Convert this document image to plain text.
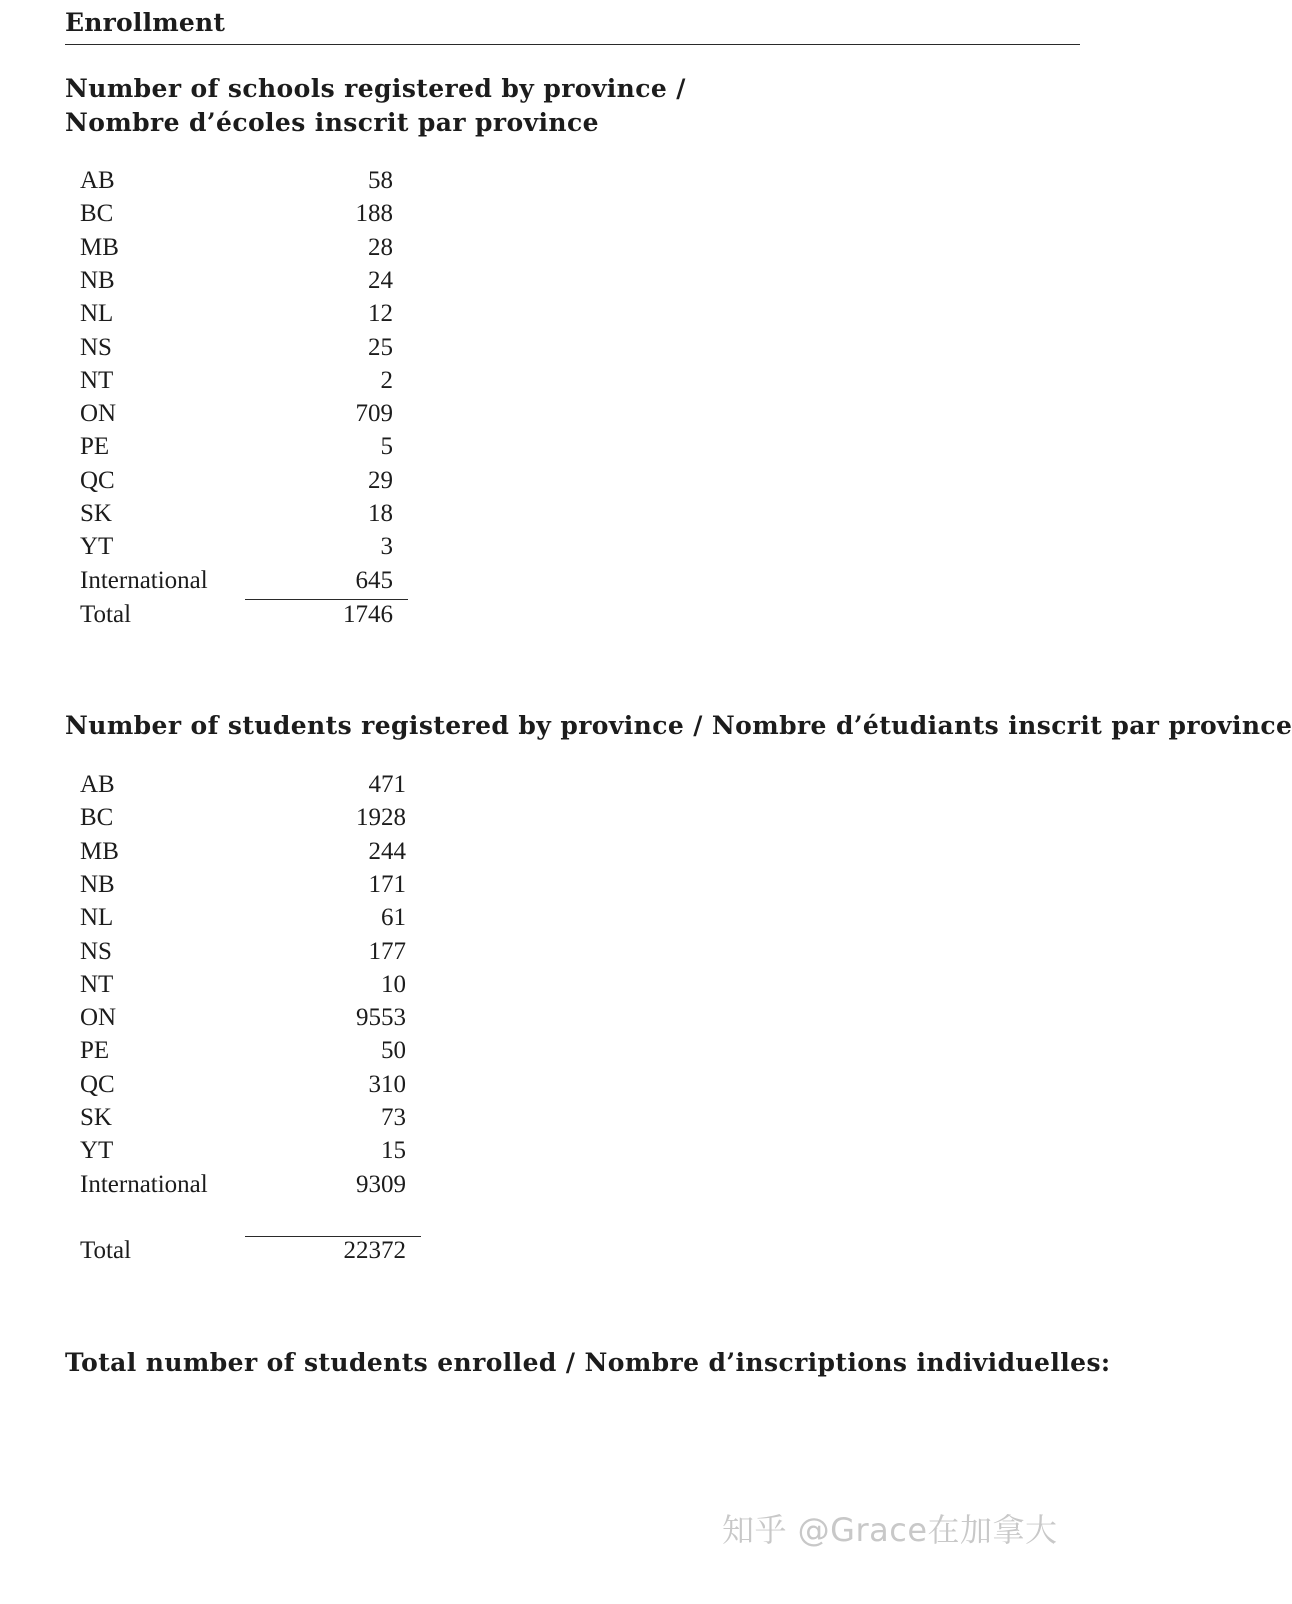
Enrollment
Number of schools registered by province /
Nombre d’écoles inscrit par province
AB	58
BC	188
MB	28
NB	24
NL	12
NS	25
NT	2
ON	709
PE	5
QC	29
SK	18
YT	3
International	645
Total	1746
Number of students registered by province / Nombre d’étudiants inscrit par province
AB	471
BC	1928
MB	244
NB	171
NL	61
NS	177
NT	10
ON	9553
PE	50
QC	310
SK	73
YT	15
International	9309
Total	22372
Total number of students enrolled / Nombre d’inscriptions individuelles:
知乎 @Grace在加拿大
